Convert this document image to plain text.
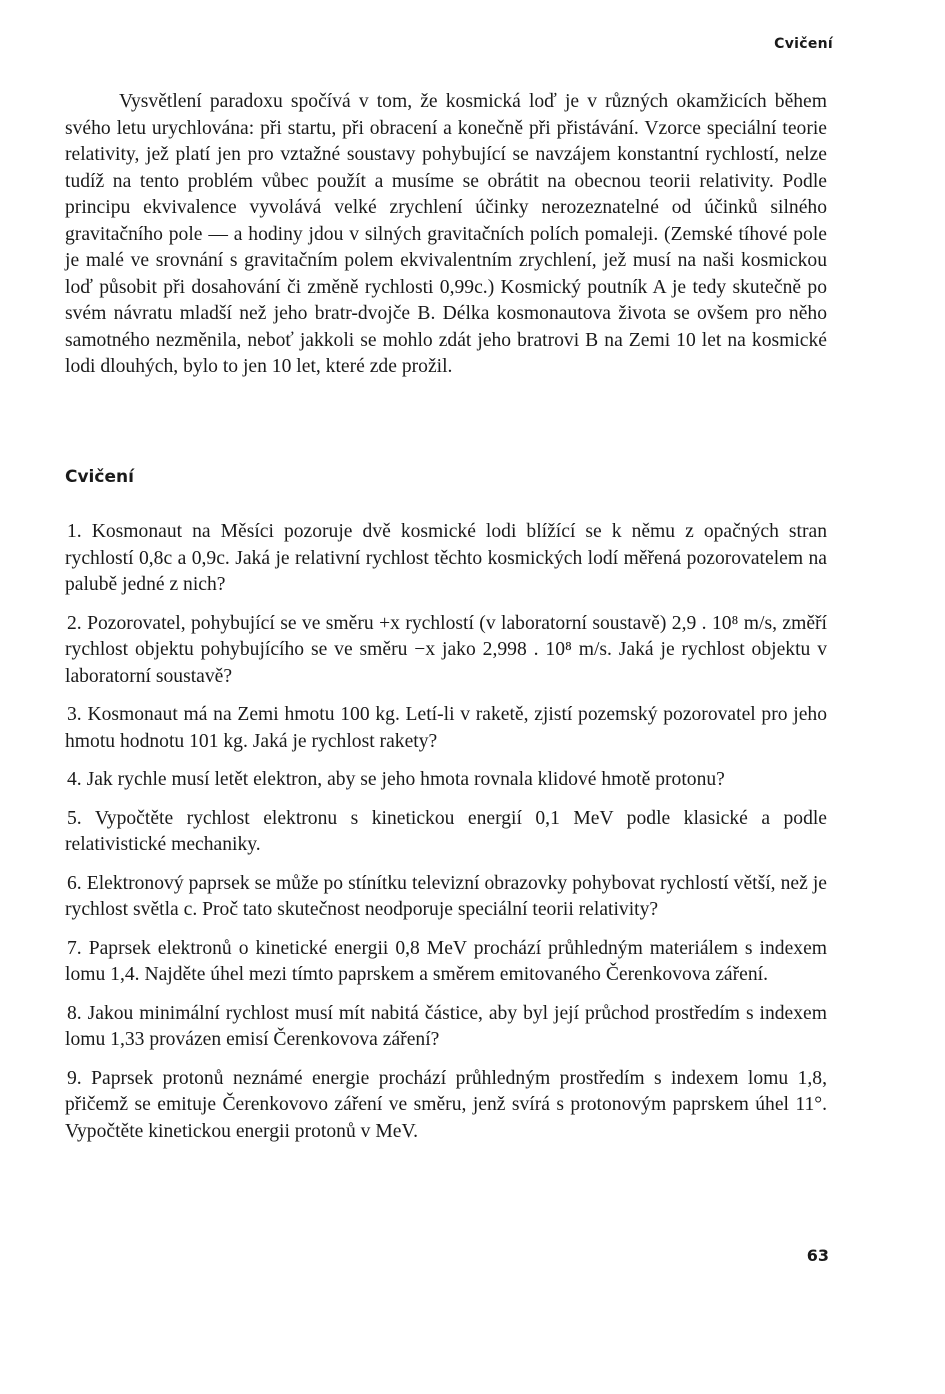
Cvičení

Vysvětlení paradoxu spočívá v tom, že kosmická loď je v různých okamžicích během svého letu urychlována: při startu, při obracení a konečně při přistávání. Vzorce speciální teorie relativity, jež platí jen pro vztažné soustavy pohybující se navzájem konstantní rychlostí, nelze tudíž na tento problém vůbec použít a musíme se obrátit na obecnou teorii relativity. Podle principu ekvivalence vyvolává velké zrychlení účinky nerozeznatelné od účinků silného gravitačního pole — a hodiny jdou v silných gravitačních polích pomaleji. (Zemské tíhové pole je malé ve srovnání s gravitačním polem ekvivalentním zrychlení, jež musí na naši kosmickou loď působit při dosahování či změně rychlosti 0,99c.) Kosmický poutník A je tedy skutečně po svém návratu mladší než jeho bratr-dvojče B. Délka kosmonautova života se ovšem pro něho samotného nezměnila, neboť jakkoli se mohlo zdát jeho bratrovi B na Zemi 10 let na kosmické lodi dlouhých, bylo to jen 10 let, které zde prožil.

Cvičení
1. Kosmonaut na Měsíci pozoruje dvě kosmické lodi blížící se k němu z opačných stran rychlostí 0,8c a 0,9c. Jaká je relativní rychlost těchto kosmických lodí měřená pozorovatelem na palubě jedné z nich?
2. Pozorovatel, pohybující se ve směru +x rychlostí (v laboratorní soustavě) 2,9 . 10⁸ m/s, změří rychlost objektu pohybujícího se ve směru −x jako 2,998 . 10⁸ m/s. Jaká je rychlost objektu v laboratorní soustavě?
3. Kosmonaut má na Zemi hmotu 100 kg. Letí-li v raketě, zjistí pozemský pozorovatel pro jeho hmotu hodnotu 101 kg. Jaká je rychlost rakety?
4. Jak rychle musí letět elektron, aby se jeho hmota rovnala klidové hmotě protonu?
5. Vypočtěte rychlost elektronu s kinetickou energií 0,1 MeV podle klasické a podle relativistické mechaniky.
6. Elektronový paprsek se může po stínítku televizní obrazovky pohybovat rychlostí větší, než je rychlost světla c. Proč tato skutečnost neodporuje speciální teorii relativity?
7. Paprsek elektronů o kinetické energii 0,8 MeV prochází průhledným materiálem s indexem lomu 1,4. Najděte úhel mezi tímto paprskem a směrem emitovaného Čerenkovova záření.
8. Jakou minimální rychlost musí mít nabitá částice, aby byl její průchod prostředím s indexem lomu 1,33 provázen emisí Čerenkovova záření?
9. Paprsek protonů neznámé energie prochází průhledným prostředím s indexem lomu 1,8, přičemž se emituje Čerenkovovo záření ve směru, jenž svírá s protonovým paprskem úhel 11°. Vypočtěte kinetickou energii protonů v MeV.

63
